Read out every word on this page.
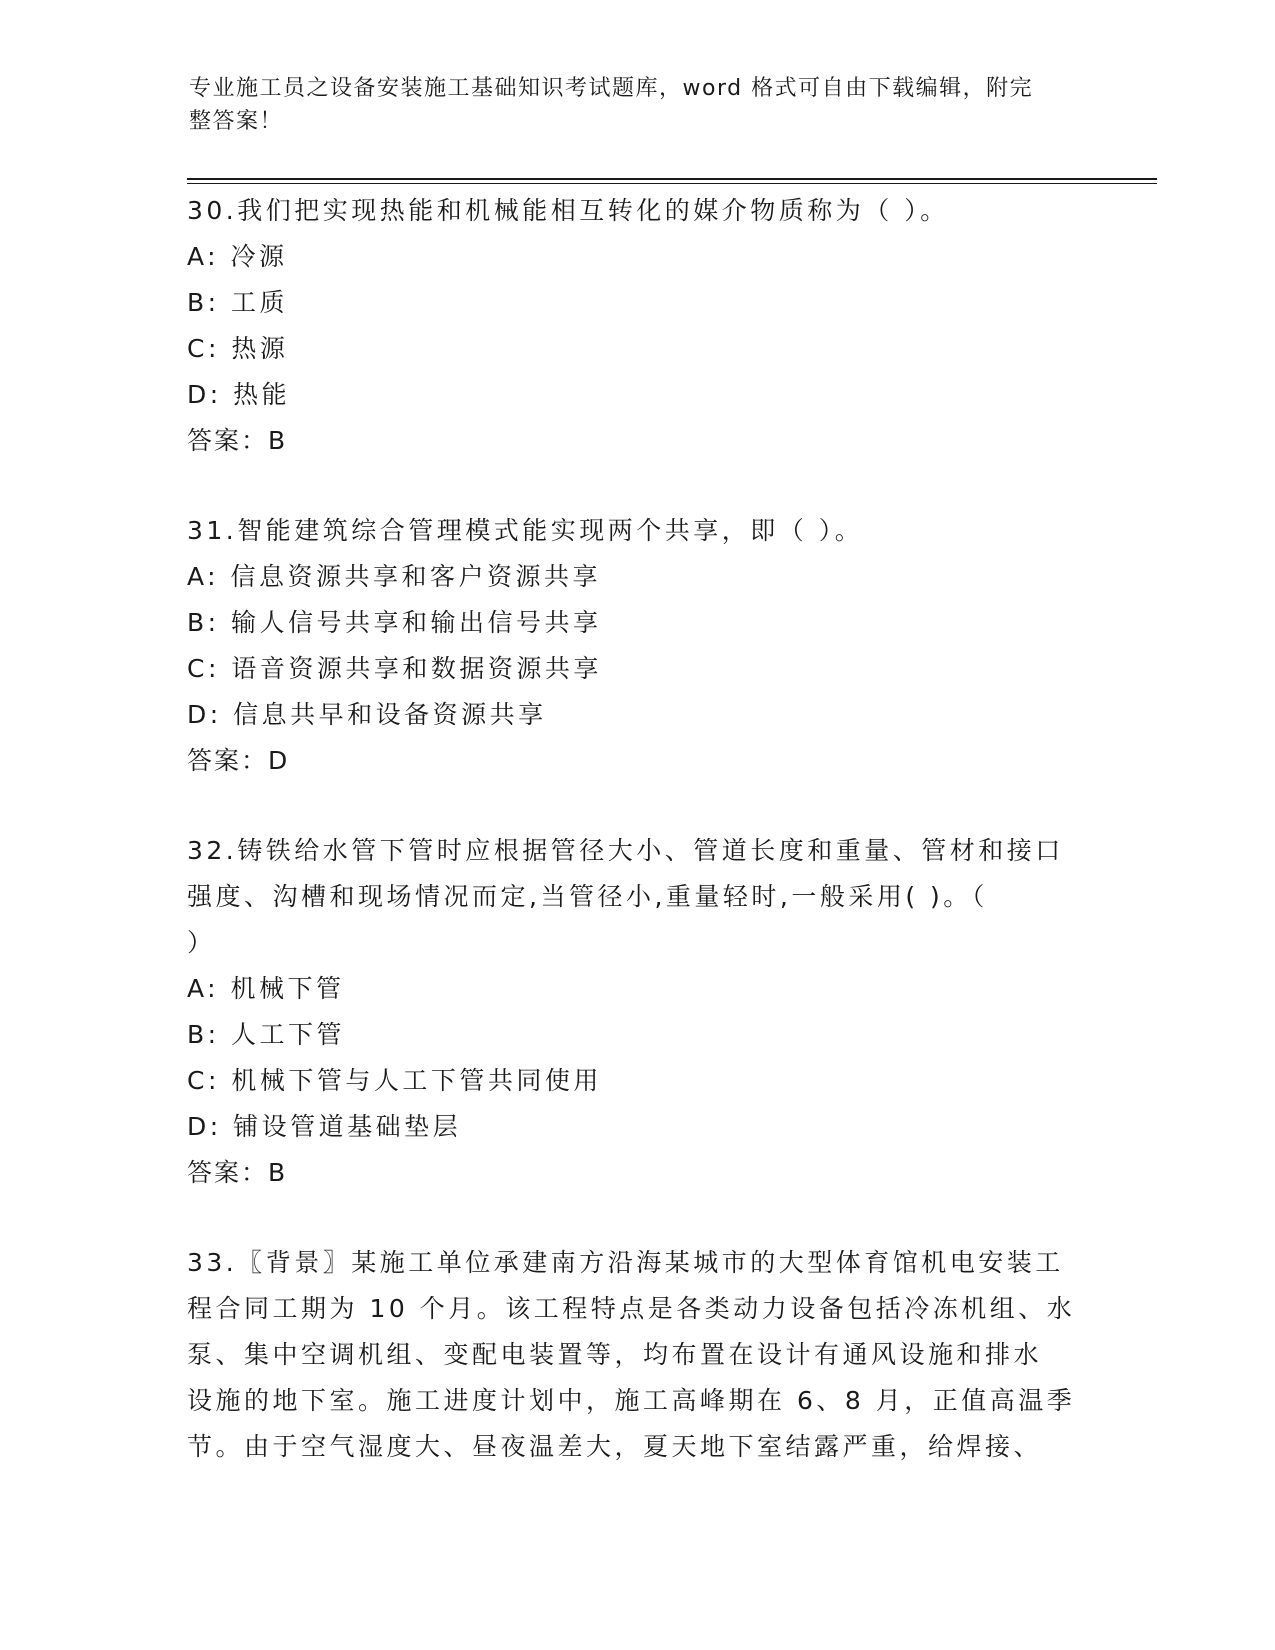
专业施工员之设备安装施工基础知识考试题库，word 格式可自由下载编辑，附完
整答案！
30.我们把实现热能和机械能相互转化的媒介物质称为（ ）。
A: 冷源
B: 工质
C: 热源
D: 热能
答案：B
31.智能建筑综合管理模式能实现两个共享，即（ ）。
A: 信息资源共享和客户资源共享
B: 输人信号共享和输出信号共享
C: 语音资源共享和数据资源共享
D: 信息共早和设备资源共享
答案：D
32.铸铁给水管下管时应根据管径大小、管道长度和重量、管材和接口
强度、沟槽和现场情况而定,当管径小,重量轻时,一般采用( )。（
）
A: 机械下管
B: 人工下管
C: 机械下管与人工下管共同使用
D: 铺设管道基础垫层
答案：B
33.〖背景〗某施工单位承建南方沿海某城市的大型体育馆机电安装工
程合同工期为 10 个月。该工程特点是各类动力设备包括冷冻机组、水
泵、集中空调机组、变配电装置等，均布置在设计有通风设施和排水
设施的地下室。施工进度计划中，施工高峰期在 6、8 月，正值高温季
节。由于空气湿度大、昼夜温差大，夏天地下室结露严重，给焊接、
